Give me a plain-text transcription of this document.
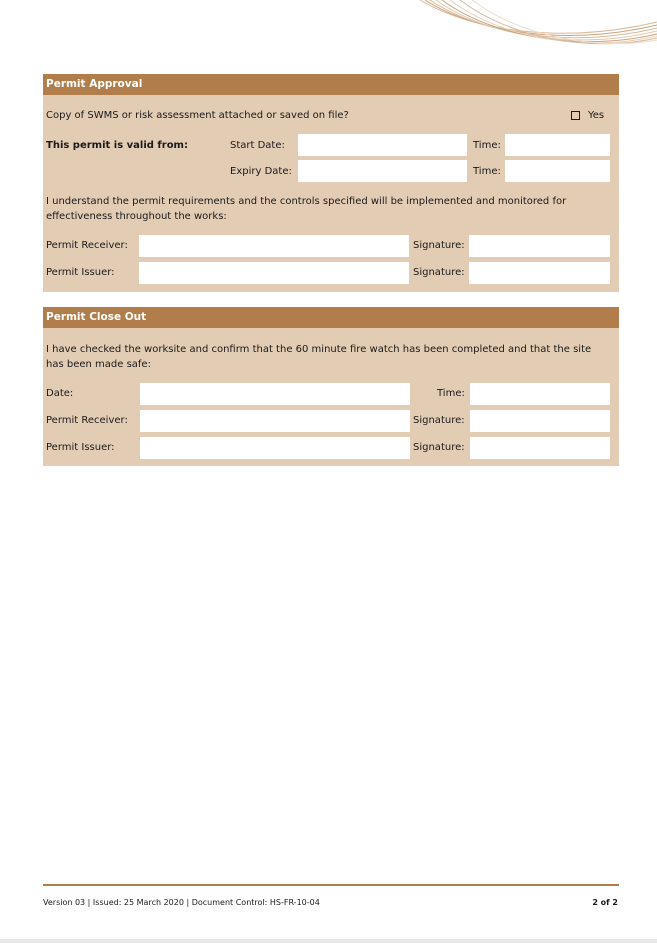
Permit Approval
Copy of SWMS or risk assessment attached or saved on file?	Yes
This permit is valid from:	Start Date:	Time:
Expiry Date:	Time:
I understand the permit requirements and the controls specified will be implemented and monitored for effectiveness throughout the works:
Permit Receiver:	Signature:
Permit Issuer:	Signature:
Permit Close Out
I have checked the worksite and confirm that the 60 minute fire watch has been completed and that the site has been made safe:
Date:	Time:
Permit Receiver:	Signature:
Permit Issuer:	Signature:
Version 03 | Issued: 25 March 2020 | Document Control: HS-FR-10-04	2 of 2
